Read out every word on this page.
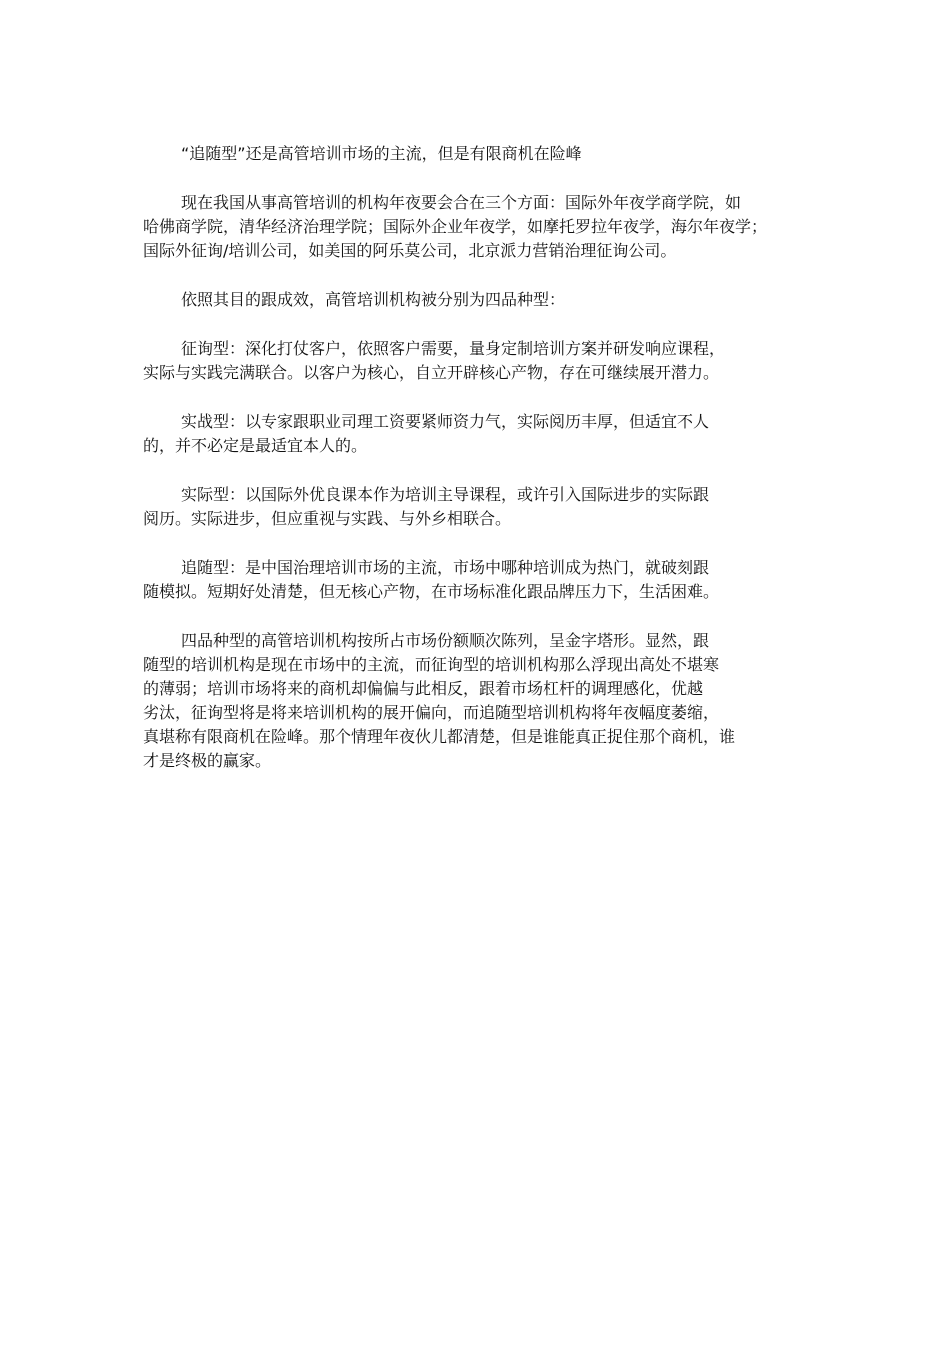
“追随型”还是高管培训市场的主流，但是有限商机在险峰
现在我国从事高管培训的机构年夜要会合在三个方面：国际外年夜学商学院，如
哈佛商学院，清华经济治理学院；国际外企业年夜学，如摩托罗拉年夜学，海尔年夜学；
国际外征询/培训公司，如美国的阿乐莫公司，北京派力营销治理征询公司。
依照其目的跟成效，高管培训机构被分别为四品种型：
征询型：深化打仗客户，依照客户需要，量身定制培训方案并研发响应课程，
实际与实践完满联合。以客户为核心，自立开辟核心产物，存在可继续展开潜力。
实战型：以专家跟职业司理工资要紧师资力气，实际阅历丰厚，但适宜不人
的，并不必定是最适宜本人的。
实际型：以国际外优良课本作为培训主导课程，或许引入国际进步的实际跟
阅历。实际进步，但应重视与实践、与外乡相联合。
追随型：是中国治理培训市场的主流，市场中哪种培训成为热门，就破刻跟
随模拟。短期好处清楚，但无核心产物，在市场标准化跟品牌压力下，生活困难。
四品种型的高管培训机构按所占市场份额顺次陈列，呈金字塔形。显然，跟
随型的培训机构是现在市场中的主流，而征询型的培训机构那么浮现出高处不堪寒
的薄弱；培训市场将来的商机却偏偏与此相反，跟着市场杠杆的调理感化，优越
劣汰，征询型将是将来培训机构的展开偏向，而追随型培训机构将年夜幅度萎缩，
真堪称有限商机在险峰。那个情理年夜伙儿都清楚，但是谁能真正捉住那个商机，谁
才是终极的赢家。
